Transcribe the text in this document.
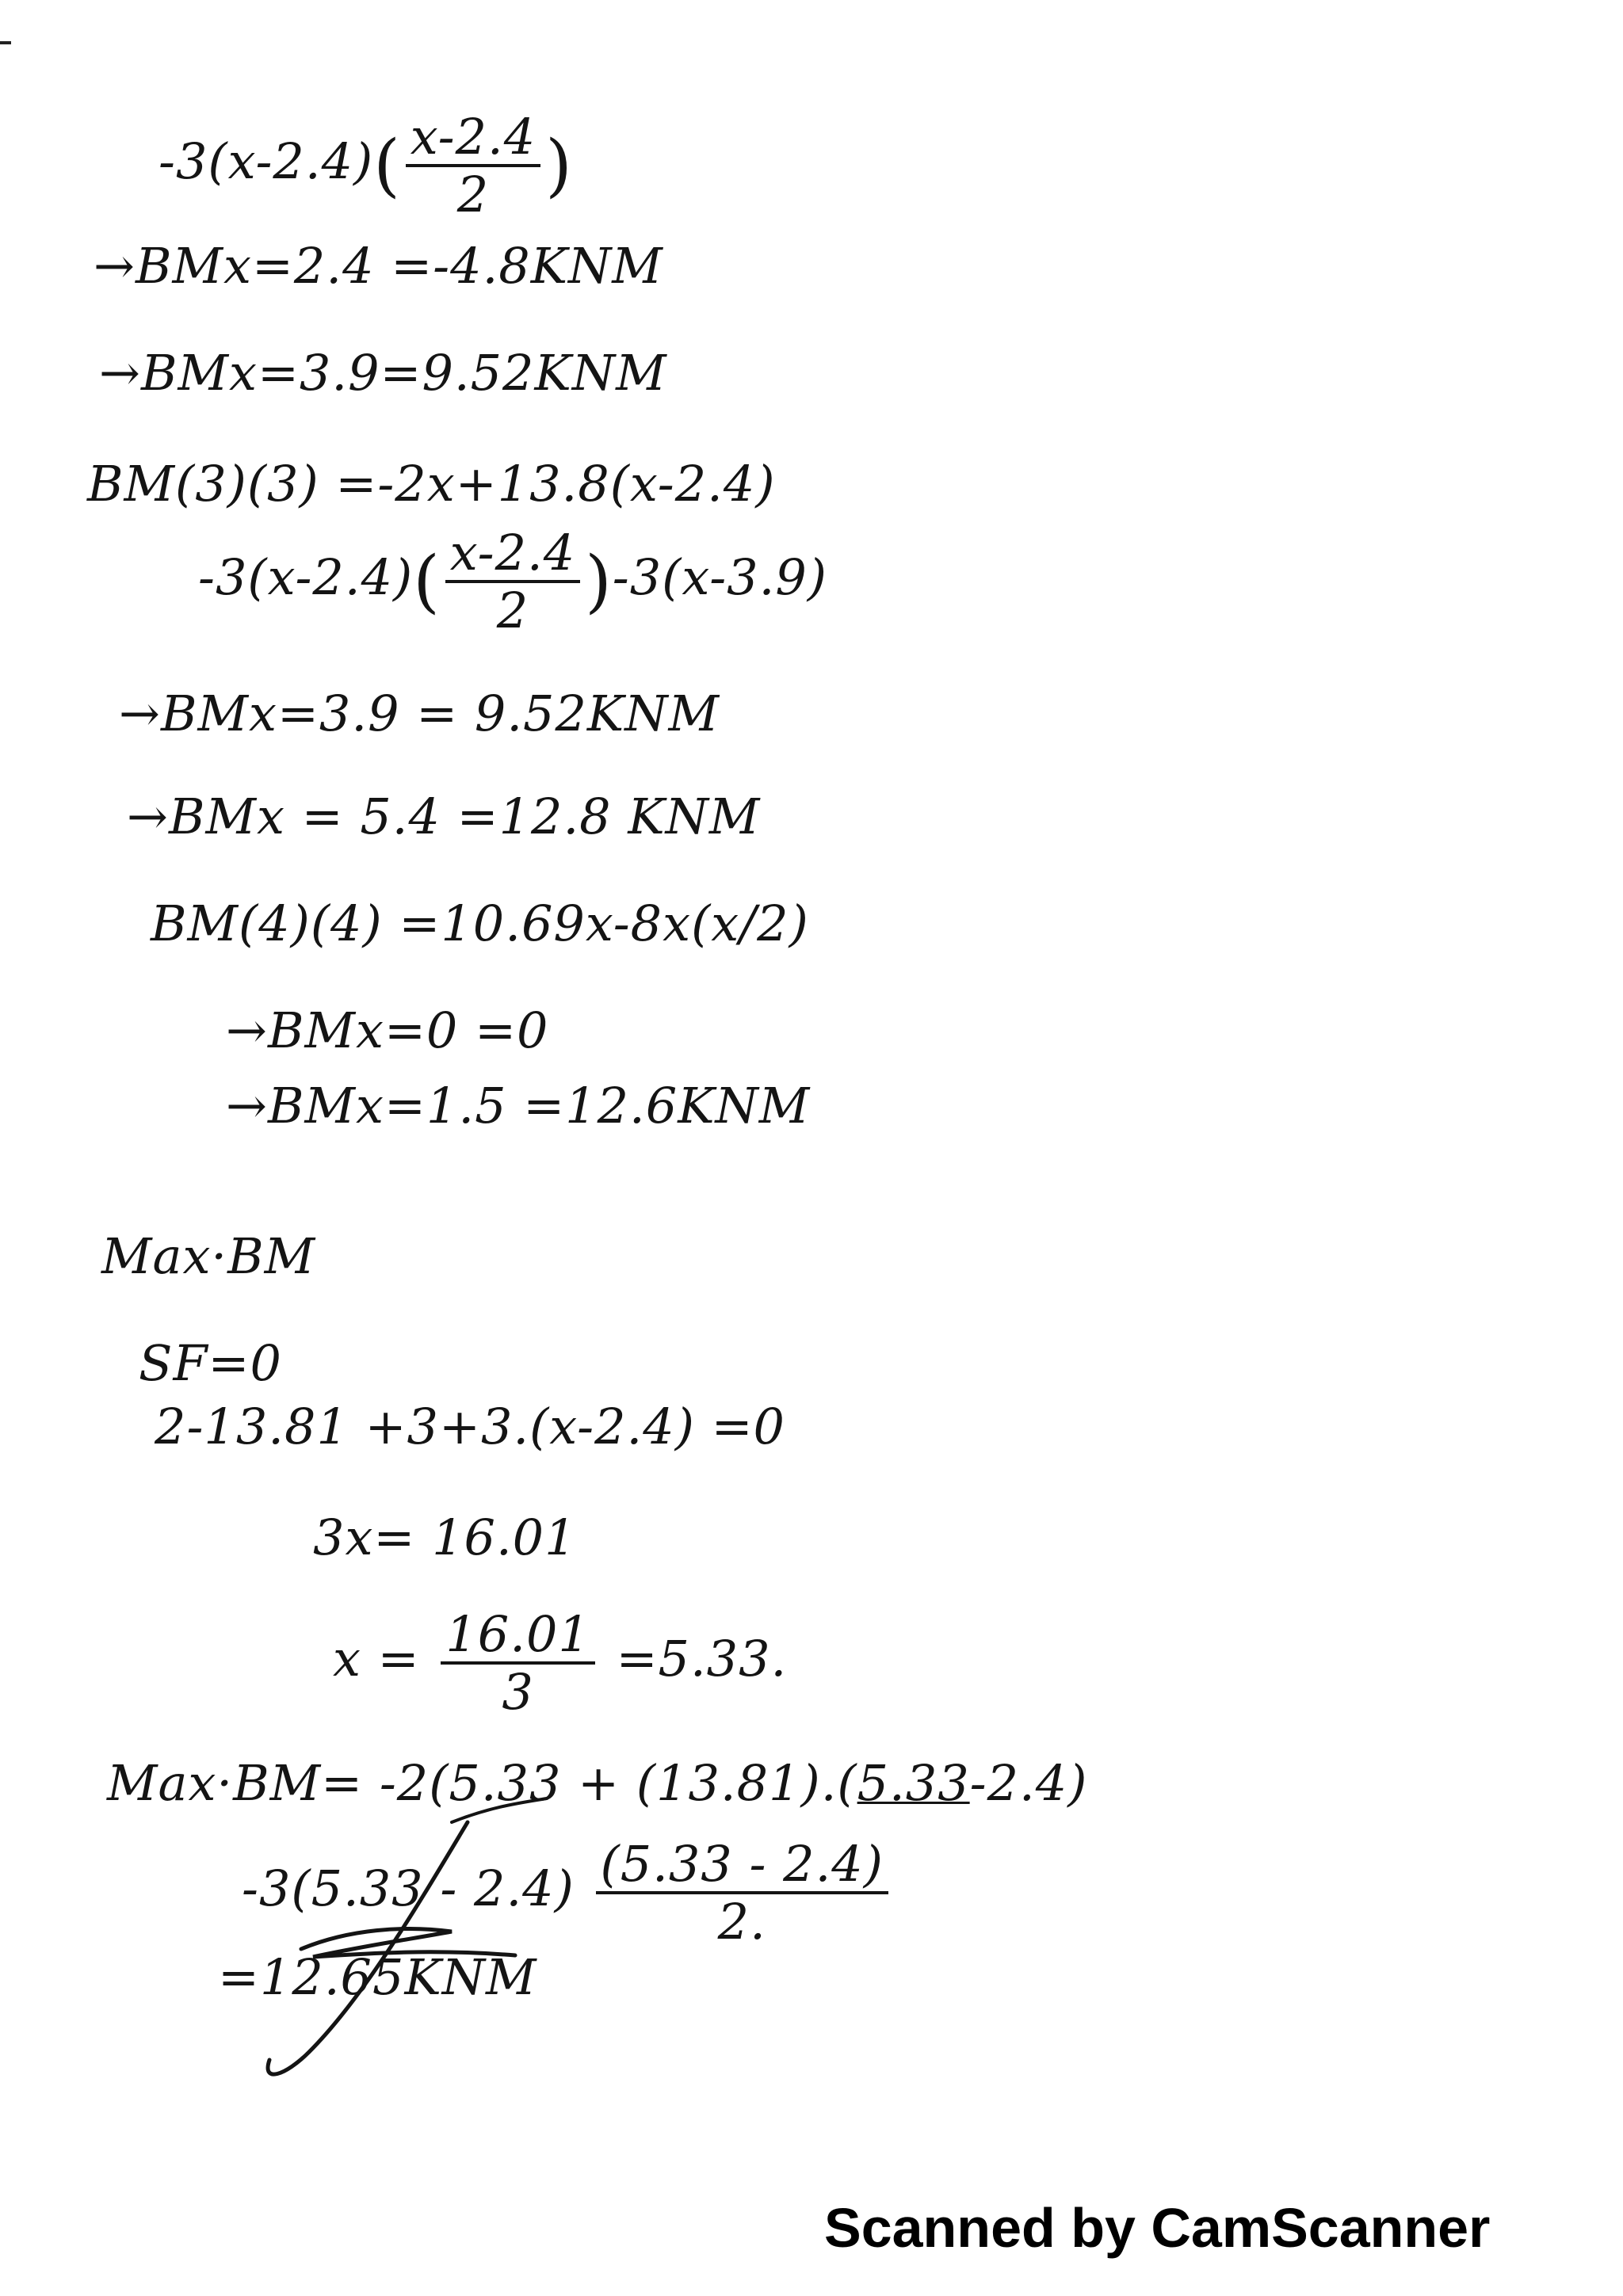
$-3(x-2.4)( \frac{x-2.4}{2}$ )
→BMx=2.4 =-4.8KNM
→BMx=3.9=9.52KNM
BM(3)(3) =-2x+13.8(x-2.4)
$-3(x-2.4)( \frac{x-2.4}{2} )-3(x-3.9)$
→BMx=3.9 = 9.52KNM
→BMx = 5.4 =12.8 KNM
BM(4)(4) =10.69x-8x(x/2)
→BMx=0 =0
→BMx=1.5 =12.6KNM
Max·BM
SF=0
2-13.81 +3+3.(x-2.4) =0
3x= 16.01
$x = \frac{16.01}{3} =5.33$.
Max·BM= -2(5.33 + (13.81).(5.33-2.4)
$-3(5.33 - 2.4) \frac{(5.33 - 2.4)}{2.}$
=12.65KNM
Scanned by CamScanner
